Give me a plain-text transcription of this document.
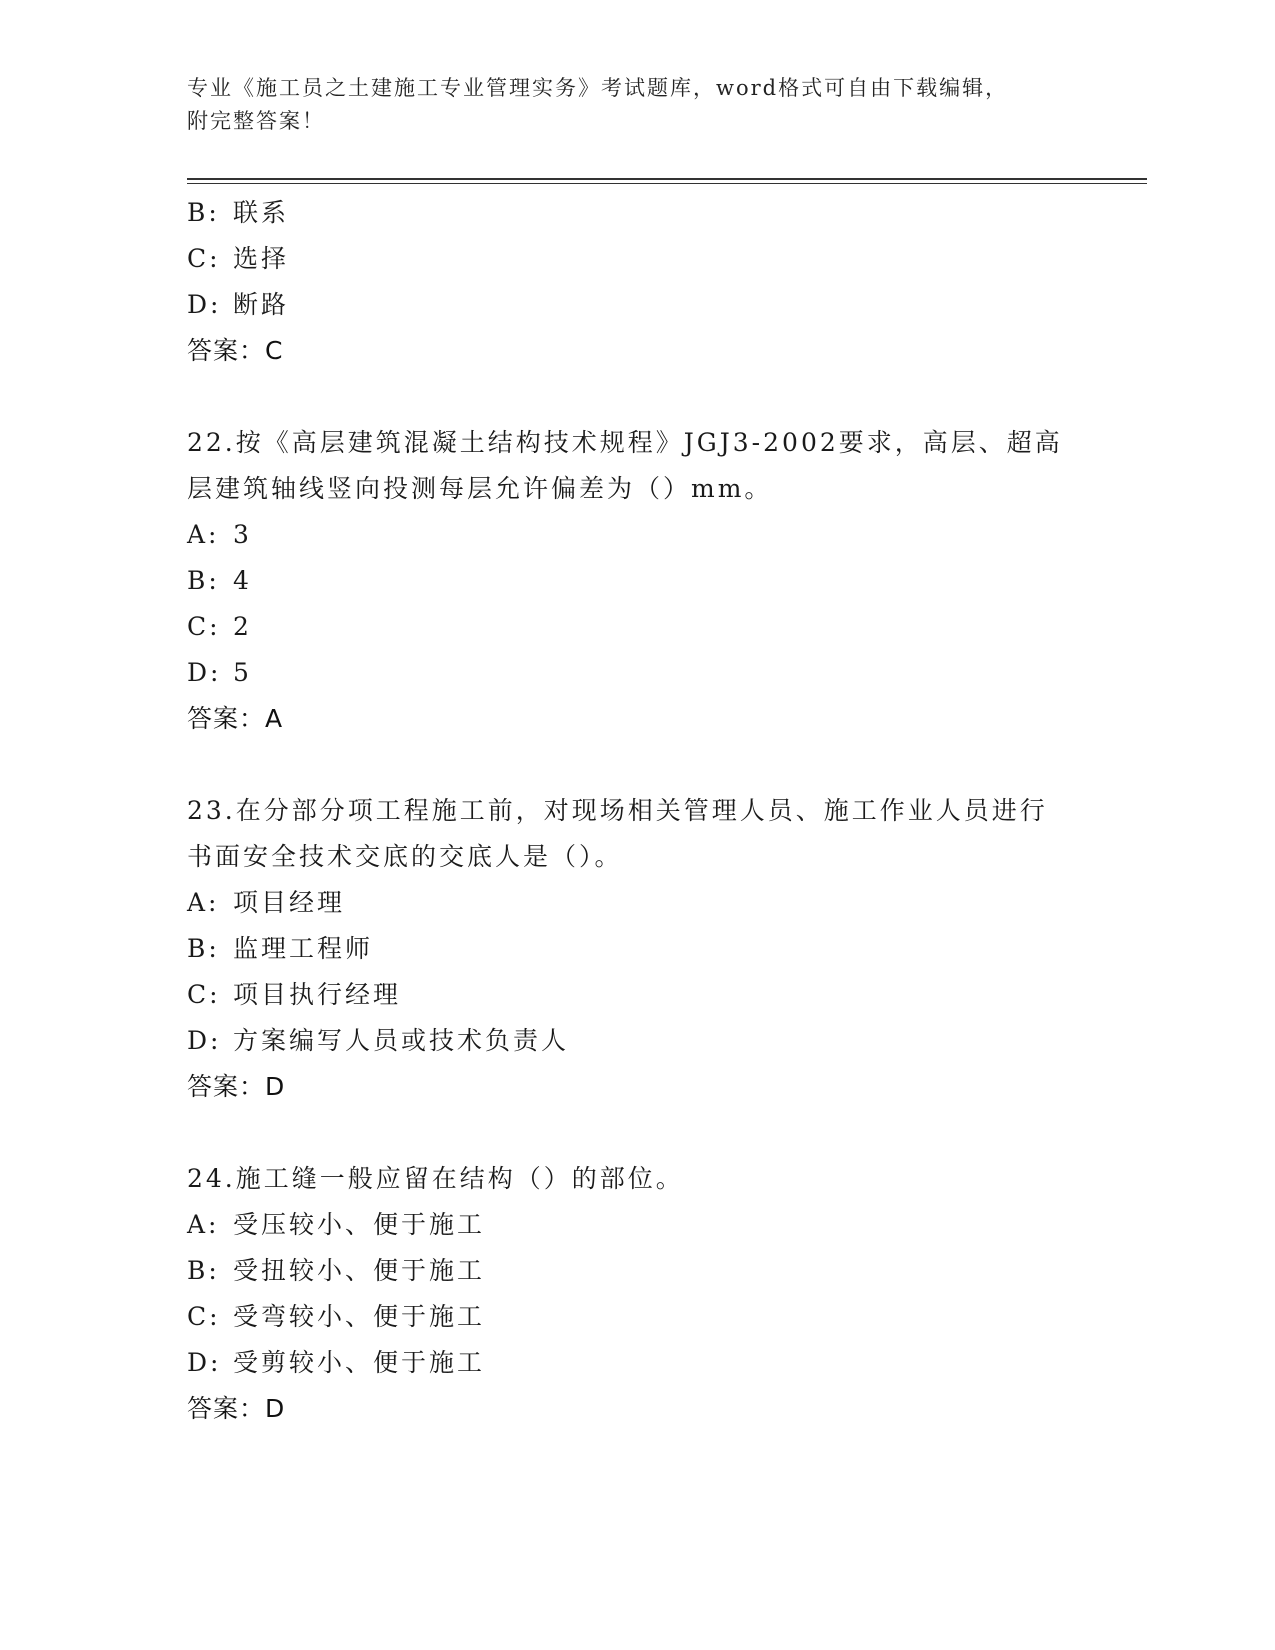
专业《施工员之土建施工专业管理实务》考试题库，word格式可自由下载编辑，
附完整答案！
B: 联系
C: 选择
D: 断路
答案：C
22.按《高层建筑混凝土结构技术规程》JGJ3-2002要求，高层、超高
层建筑轴线竖向投测每层允许偏差为（）mm。
A: 3
B: 4
C: 2
D: 5
答案：A
23.在分部分项工程施工前，对现场相关管理人员、施工作业人员进行
书面安全技术交底的交底人是（）。
A: 项目经理
B: 监理工程师
C: 项目执行经理
D: 方案编写人员或技术负责人
答案：D
24.施工缝一般应留在结构（）的部位。
A: 受压较小、便于施工
B: 受扭较小、便于施工
C: 受弯较小、便于施工
D: 受剪较小、便于施工
答案：D
